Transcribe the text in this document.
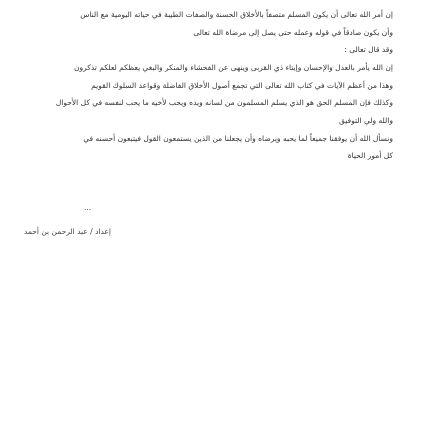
إن أمر الله تعالى أن يكون المسلم متصفاً بالأخلاق الحسنة والصفات الطيبة في حياته اليومية مع الناس
وأن يكون صادقاً في قوله وعمله حتى يصل إلى مرضاة الله تعالى
وقد قال تعالى :
إن الله يأمر بالعدل والإحسان وإيتاء ذي القربى وينهى عن الفحشاء والمنكر والبغي يعظكم لعلكم تذكرون
وهذا من أعظم الآيات في كتاب الله تعالى التي تجمع أصول الأخلاق الفاضلة وقواعد السلوك القويم
وكذلك فإن المسلم الحق هو الذي يسلم المسلمون من لسانه ويده ويحب لأخيه ما يحب لنفسه في كل الأحوال
والله ولي التوفيق
ونسأل الله أن يوفقنا جميعاً لما يحبه ويرضاه وأن يجعلنا من الذين يستمعون القول فيتبعون أحسنه في
كل أمور الحياة
...
إعداد / عبد الرحمن بن أحمد
